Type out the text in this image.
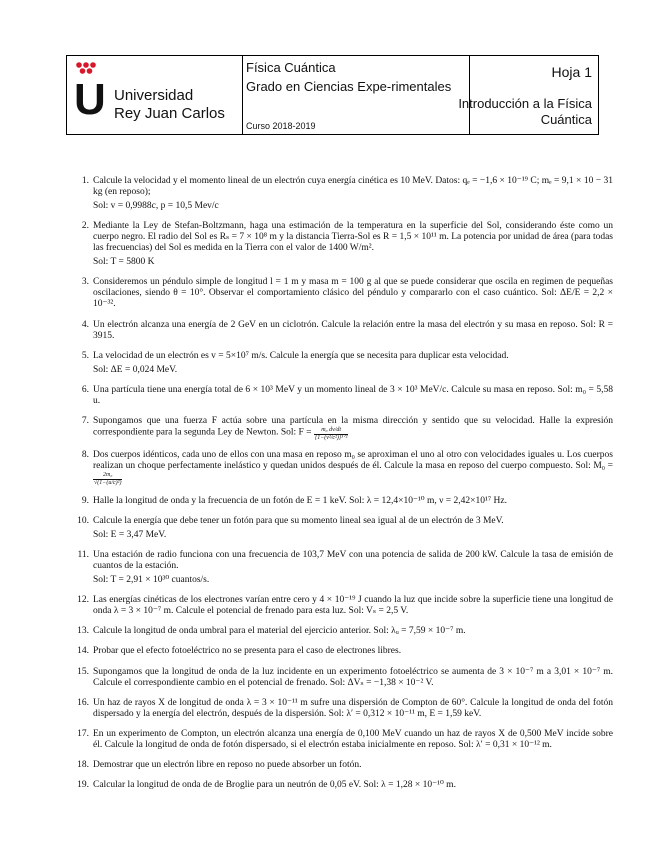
U Universidad
Rey Juan Carlos
Física Cuántica
Grado en Ciencias Expe-rimentales
Curso 2018-2019
Hoja 1
Introducción a la Física Cuántica
1. Calcule la velocidad y el momento lineal de un electrón cuya energía cinética es 10 MeV. Datos: qₑ = −1,6 × 10⁻¹⁹ C; mₑ = 9,1 × 10 − 31 kg (en reposo);
Sol: v = 0,9988c, p = 10,5 Mev/c
2. Mediante la Ley de Stefan-Boltzmann, haga una estimación de la temperatura en la superficie del Sol, considerando éste como un cuerpo negro. El radio del Sol es Rₛ = 7 × 10⁸ m y la distancia Tierra-Sol es R = 1,5 × 10¹¹ m. La potencia por unidad de área (para todas las frecuencias) del Sol es medida en la Tierra con el valor de 1400 W/m².
Sol: T = 5800 K
3. Consideremos un péndulo simple de longitud l = 1 m y masa m = 100 g al que se puede considerar que oscila en regimen de pequeñas oscilaciones, siendo θ = 10°. Observar el comportamiento clásico del péndulo y compararlo con el caso cuántico. Sol: ΔE/E = 2,2 × 10⁻³².
4. Un electrón alcanza una energía de 2 GeV en un ciclotrón. Calcule la relación entre la masa del electrón y su masa en reposo. Sol: R = 3915.
5. La velocidad de un electrón es v = 5×10⁷ m/s. Calcule la energía que se necesita para duplicar esta velocidad.
Sol: ΔE = 0,024 MeV.
6. Una partícula tiene una energía total de 6 × 10³ MeV y un momento lineal de 3 × 10³ MeV/c. Calcule su masa en reposo. Sol: m₀ = 5,58 u.
7. Supongamos que una fuerza F actúa sobre una partícula en la misma dirección y sentido que su velocidad. Halle la expresión correspondiente para la segunda Ley de Newton. Sol: $F = \frac{\text{m₀ dv/dt}}{\text{[1−(v²/c²)]³ᐟ²}}$
8. Dos cuerpos idénticos, cada uno de ellos con una masa en reposo m₀ se aproximan el uno al otro con velocidades iguales u. Los cuerpos realizan un choque perfectamente inelástico y quedan unidos después de él. Calcule la masa en reposo del cuerpo compuesto. Sol: M₀ =
$\frac{\text{2m₀}}{\text{√(1−(u/c)²)}}$
9. Halle la longitud de onda y la frecuencia de un fotón de E = 1 keV. Sol: λ = 12,4×10⁻¹⁰ m, ν = 2,42×10¹⁷ Hz.
10. Calcule la energía que debe tener un fotón para que su momento lineal sea igual al de un electrón de 3 MeV.
Sol: E = 3,47 MeV.
11. Una estación de radio funciona con una frecuencia de 103,7 MeV con una potencia de salida de 200 kW. Calcule la tasa de emisión de cuantos de la estación.
Sol: T = 2,91 × 10³⁰ cuantos/s.
12. Las energías cinéticas de los electrones varían entre cero y 4 × 10⁻¹⁹ J cuando la luz que incide sobre la superficie tiene una longitud de onda λ = 3 × 10⁻⁷ m. Calcule el potencial de frenado para esta luz. Sol: Vₛ = 2,5 V.
13. Calcule la longitud de onda umbral para el material del ejercicio anterior. Sol: λᵤ = 7,59 × 10⁻⁷ m.
14. Probar que el efecto fotoeléctrico no se presenta para el caso de electrones libres.
15. Supongamos que la longitud de onda de la luz incidente en un experimento fotoeléctrico se aumenta de 3 × 10⁻⁷ m a 3,01 × 10⁻⁷ m. Calcule el correspondiente cambio en el potencial de frenado. Sol: ΔVₛ = −1,38 × 10⁻² V.
16. Un haz de rayos X de longitud de onda λ = 3 × 10⁻¹¹ m sufre una dispersión de Compton de 60°. Calcule la longitud de onda del fotón dispersado y la energía del electrón, después de la dispersión. Sol: λ′ = 0,312 × 10⁻¹¹ m, E = 1,59 keV.
17. En un experimento de Compton, un electrón alcanza una energía de 0,100 MeV cuando un haz de rayos X de 0,500 MeV incide sobre él. Calcule la longitud de onda de fotón dispersado, si el electrón estaba inicialmente en reposo. Sol: λ′ = 0,31 × 10⁻¹² m.
18. Demostrar que un electrón libre en reposo no puede absorber un fotón.
19. Calcular la longitud de onda de de Broglie para un neutrón de 0,05 eV. Sol: λ = 1,28 × 10⁻¹⁰ m.
